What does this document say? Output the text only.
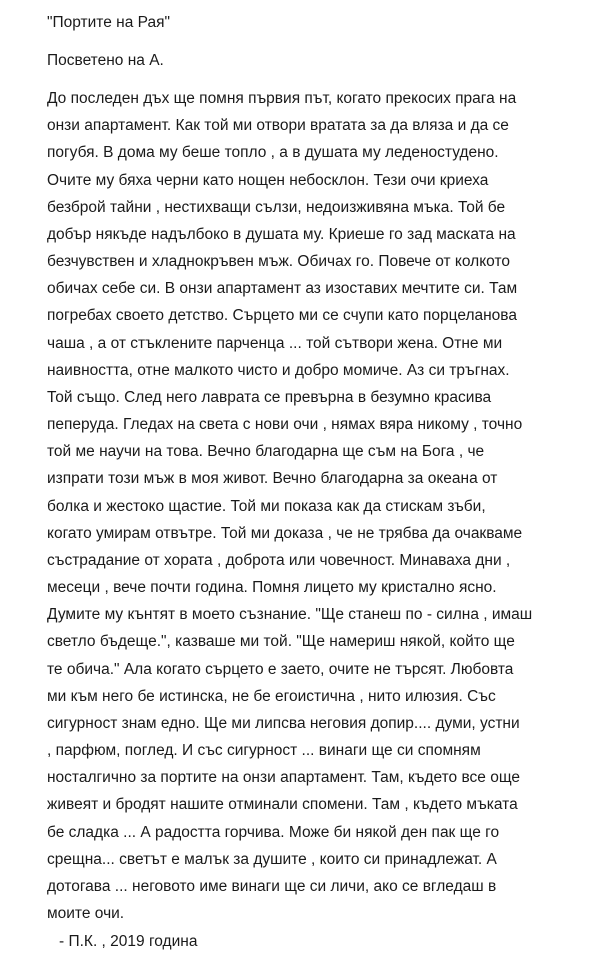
"Портите на Рая"
Посветено на А.
До последен дъх ще помня първия път, когато прекосих прага на
онзи апартамент. Как той ми отвори вратата за да вляза и да се
погубя. В дома му беше топло , а в душата му леденостудено.
Очите му бяха черни като нощен небосклон. Тези очи криеха
безброй тайни , нестихващи сълзи, недоизживяна мъка. Той бе
добър някъде надълбоко в душата му. Криеше го зад маската на
безчувствен и хладнокръвен мъж. Обичах го. Повече от колкото
обичах себе си. В онзи апартамент аз изоставих мечтите си. Там
погребах своето детство. Сърцето ми се счупи като порцеланова
чаша , а от стъклените парченца ... той сътвори жена. Отне ми
наивността, отне малкото чисто и добро момиче. Аз си тръгнах.
Той също. След него лаврата се превърна в безумно красива
пеперуда. Гледах на света с нови очи , нямах вяра никому , точно
той ме научи на това. Вечно благодарна ще съм на Бога , че
изпрати този мъж в моя живот. Вечно благодарна за океана от
болка и жестоко щастие. Той ми показа как да стискам зъби,
когато умирам отвътре. Той ми доказа , че не трябва да очакваме
състрадание от хората , доброта или човечност. Минаваха дни ,
месеци , вече почти година. Помня лицето му кристално ясно.
Думите му кънтят в моето съзнание. "Ще станеш по - силна , имаш
светло бъдеще.", казваше ми той. "Ще намериш някой, който ще
те обича." Ала когато сърцето е заето, очите не търсят. Любовта
ми към него бе истинска, не бе егоистична , нито илюзия. Със
сигурност знам едно. Ще ми липсва неговия допир.... думи, устни
, парфюм, поглед. И със сигурност ... винаги ще си спомням
носталгично за портите на онзи апартамент. Там, където все още
живеят и бродят нашите отминали спомени. Там , където мъката
бе сладка ... А радостта горчива. Може би някой ден пак ще го
срещна... светът е малък за душите , които си принадлежат. А
дотогава ... неговото име винаги ще си личи, ако се вгледаш в
моите очи.
- П.К. , 2019 година
